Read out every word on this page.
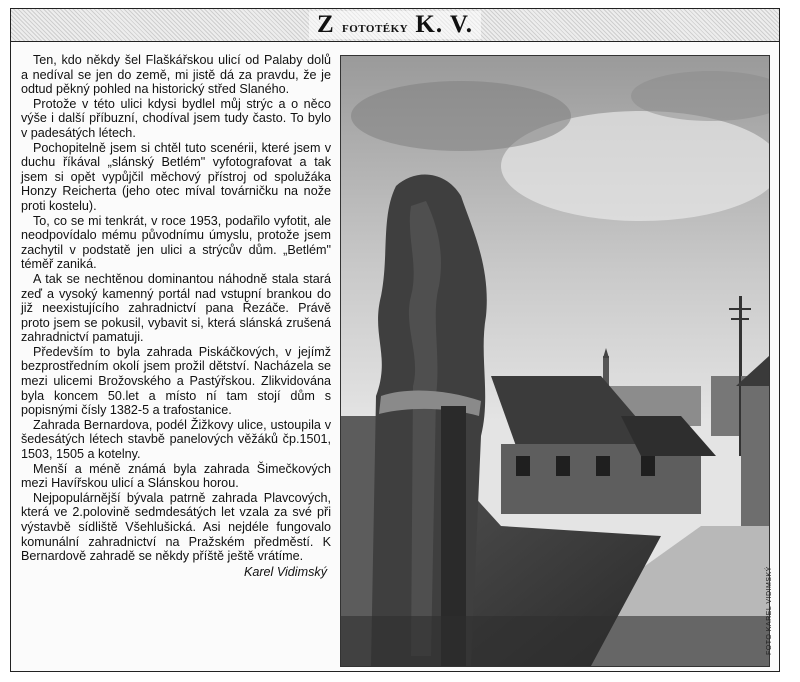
Z fototéky K. V.

Ten, kdo někdy šel Flaškářskou ulicí od Palaby dolů a nedíval se jen do země, mi jistě dá za pravdu, že je odtud pěkný pohled na historický střed Slaného.

Protože v této ulici kdysi bydlel můj strýc a o něco výše i další příbuzní, chodíval jsem tudy často. To bylo v padesátých létech.

Pochopitelně jsem si chtěl tuto scenérii, které jsem v duchu říkával „slánský Betlém" vyfotografovat a tak jsem si opět vypůjčil měchový přístroj od spolužáka Honzy Reicherta (jeho otec míval továrničku na nože proti kostelu).

To, co se mi tenkrát, v roce 1953, podařilo vyfotit, ale neodpovídalo mému původnímu úmyslu, protože jsem zachytil v podstatě jen ulici a strýcův dům. „Betlém" téměř zaniká.

A tak se nechtěnou dominantou náhodně stala stará zeď a vysoký kamenný portál nad vstupní brankou do již neexistujícího zahradnictví pana Řezáče. Právě proto jsem se pokusil, vybavit si, která slánská zrušená zahradnictví pamatuji.

Především to byla zahrada Piskáčkových, v jejímž bezprostředním okolí jsem prožil dětství. Nacházela se mezi ulicemi Brožovského a Pastýřskou. Zlikvidována byla koncem 50.let a místo ní tam stojí dům s popisnými čísly 1382-5 a trafostanice.

Zahrada Bernardova, podél Žižkovy ulice, ustoupila v šedesátých létech stavbě panelových věžáků čp.1501, 1503, 1505 a kotelny.

Menší a méně známá byla zahrada Šimečkových mezi Havířskou ulicí a Slánskou horou.

Nejpopulárnější bývala patrně zahrada Plavcových, která ve 2.polovině sedmdesátých let vzala za své při výstavbě sídliště Všehlušická. Asi nejdéle fungovalo komunální zahradnictví na Pražském předměstí. K Bernardově zahradě se někdy příště ještě vrátíme.

Karel Vidimský	FOTO KAREL VIDIMSKÝ
